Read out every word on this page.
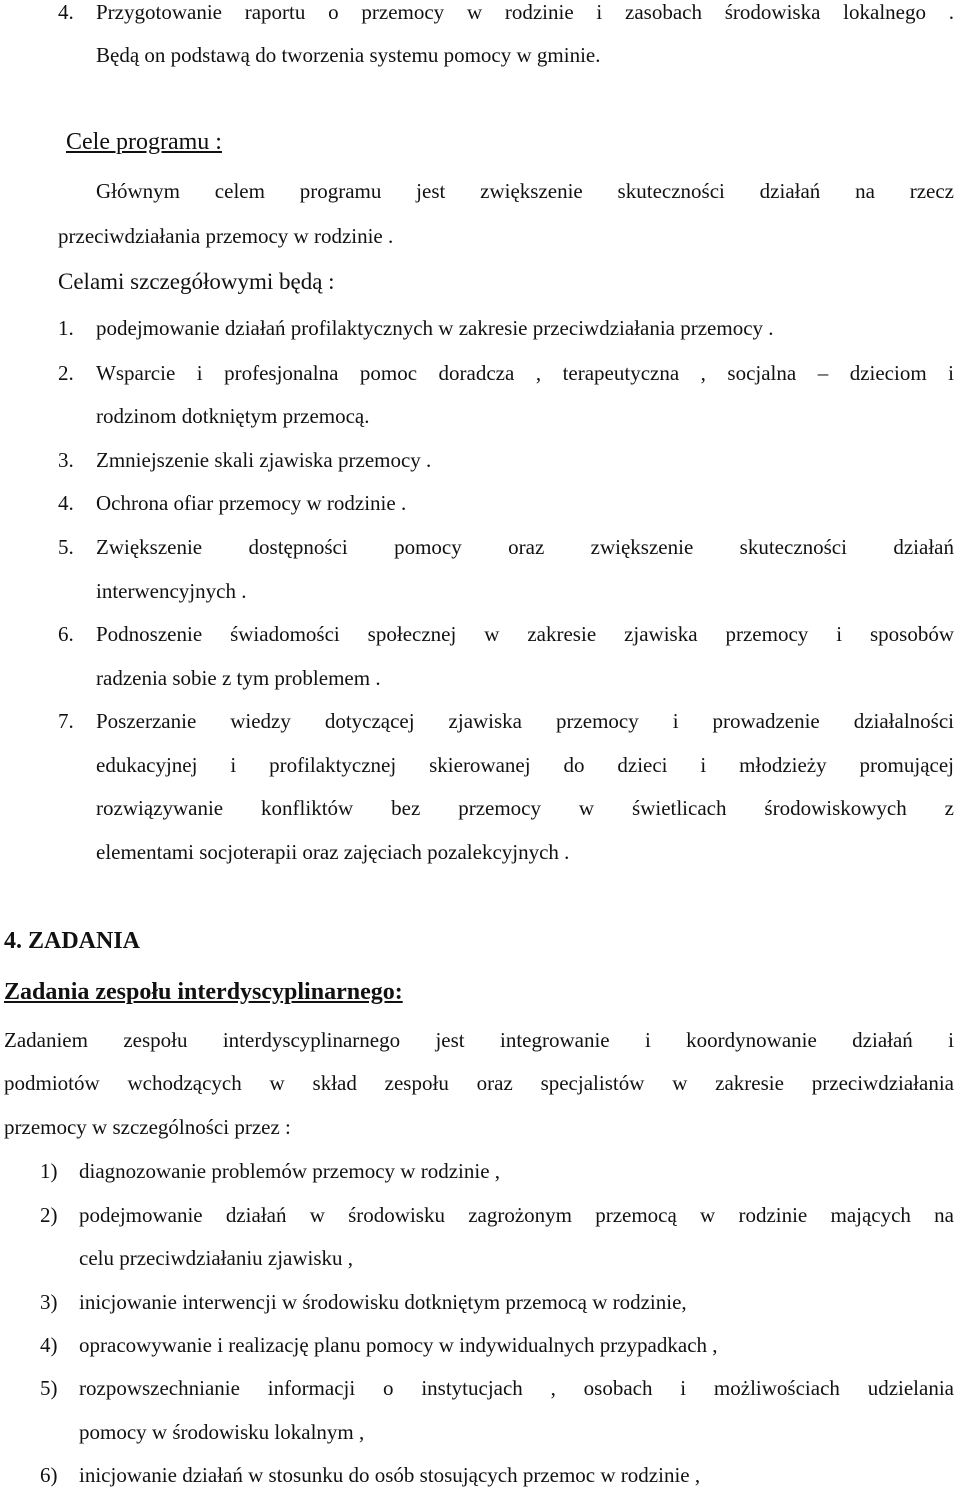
4. Przygotowanie raportu o przemocy w rodzinie i zasobach środowiska lokalnego .
Będą on podstawą do tworzenia systemu pomocy w gminie.
Cele programu :
Głównym celem programu jest zwiększenie skuteczności działań na rzecz
przeciwdziałania przemocy w rodzinie .
Celami szczegółowymi będą :
1. podejmowanie działań profilaktycznych w zakresie przeciwdziałania przemocy .
2. Wsparcie i profesjonalna pomoc doradcza , terapeutyczna , socjalna – dzieciom i
rodzinom dotkniętym przemocą.
3. Zmniejszenie skali zjawiska przemocy .
4. Ochrona ofiar przemocy w rodzinie .
5. Zwiększenie dostępności pomocy oraz zwiększenie skuteczności działań
interwencyjnych .
6. Podnoszenie świadomości społecznej w zakresie zjawiska przemocy i sposobów
radzenia sobie z tym problemem .
7. Poszerzanie wiedzy dotyczącej zjawiska przemocy i prowadzenie działalności
edukacyjnej i profilaktycznej skierowanej do dzieci i młodzieży promującej
rozwiązywanie konfliktów bez przemocy w świetlicach środowiskowych z
elementami socjoterapii oraz zajęciach pozalekcyjnych .
4. ZADANIA
Zadania zespołu interdyscyplinarnego:
Zadaniem zespołu interdyscyplinarnego jest integrowanie i koordynowanie działań i
podmiotów wchodzących w skład zespołu oraz specjalistów w zakresie przeciwdziałania
przemocy w szczególności przez :
1) diagnozowanie problemów przemocy w rodzinie ,
2) podejmowanie działań w środowisku zagrożonym przemocą w rodzinie mających na
celu przeciwdziałaniu zjawisku ,
3) inicjowanie interwencji w środowisku dotkniętym przemocą w rodzinie,
4) opracowywanie i realizację planu pomocy w indywidualnych przypadkach ,
5) rozpowszechnianie informacji o instytucjach , osobach i możliwościach udzielania
pomocy w środowisku lokalnym ,
6) inicjowanie działań w stosunku do osób stosujących przemoc w rodzinie ,
